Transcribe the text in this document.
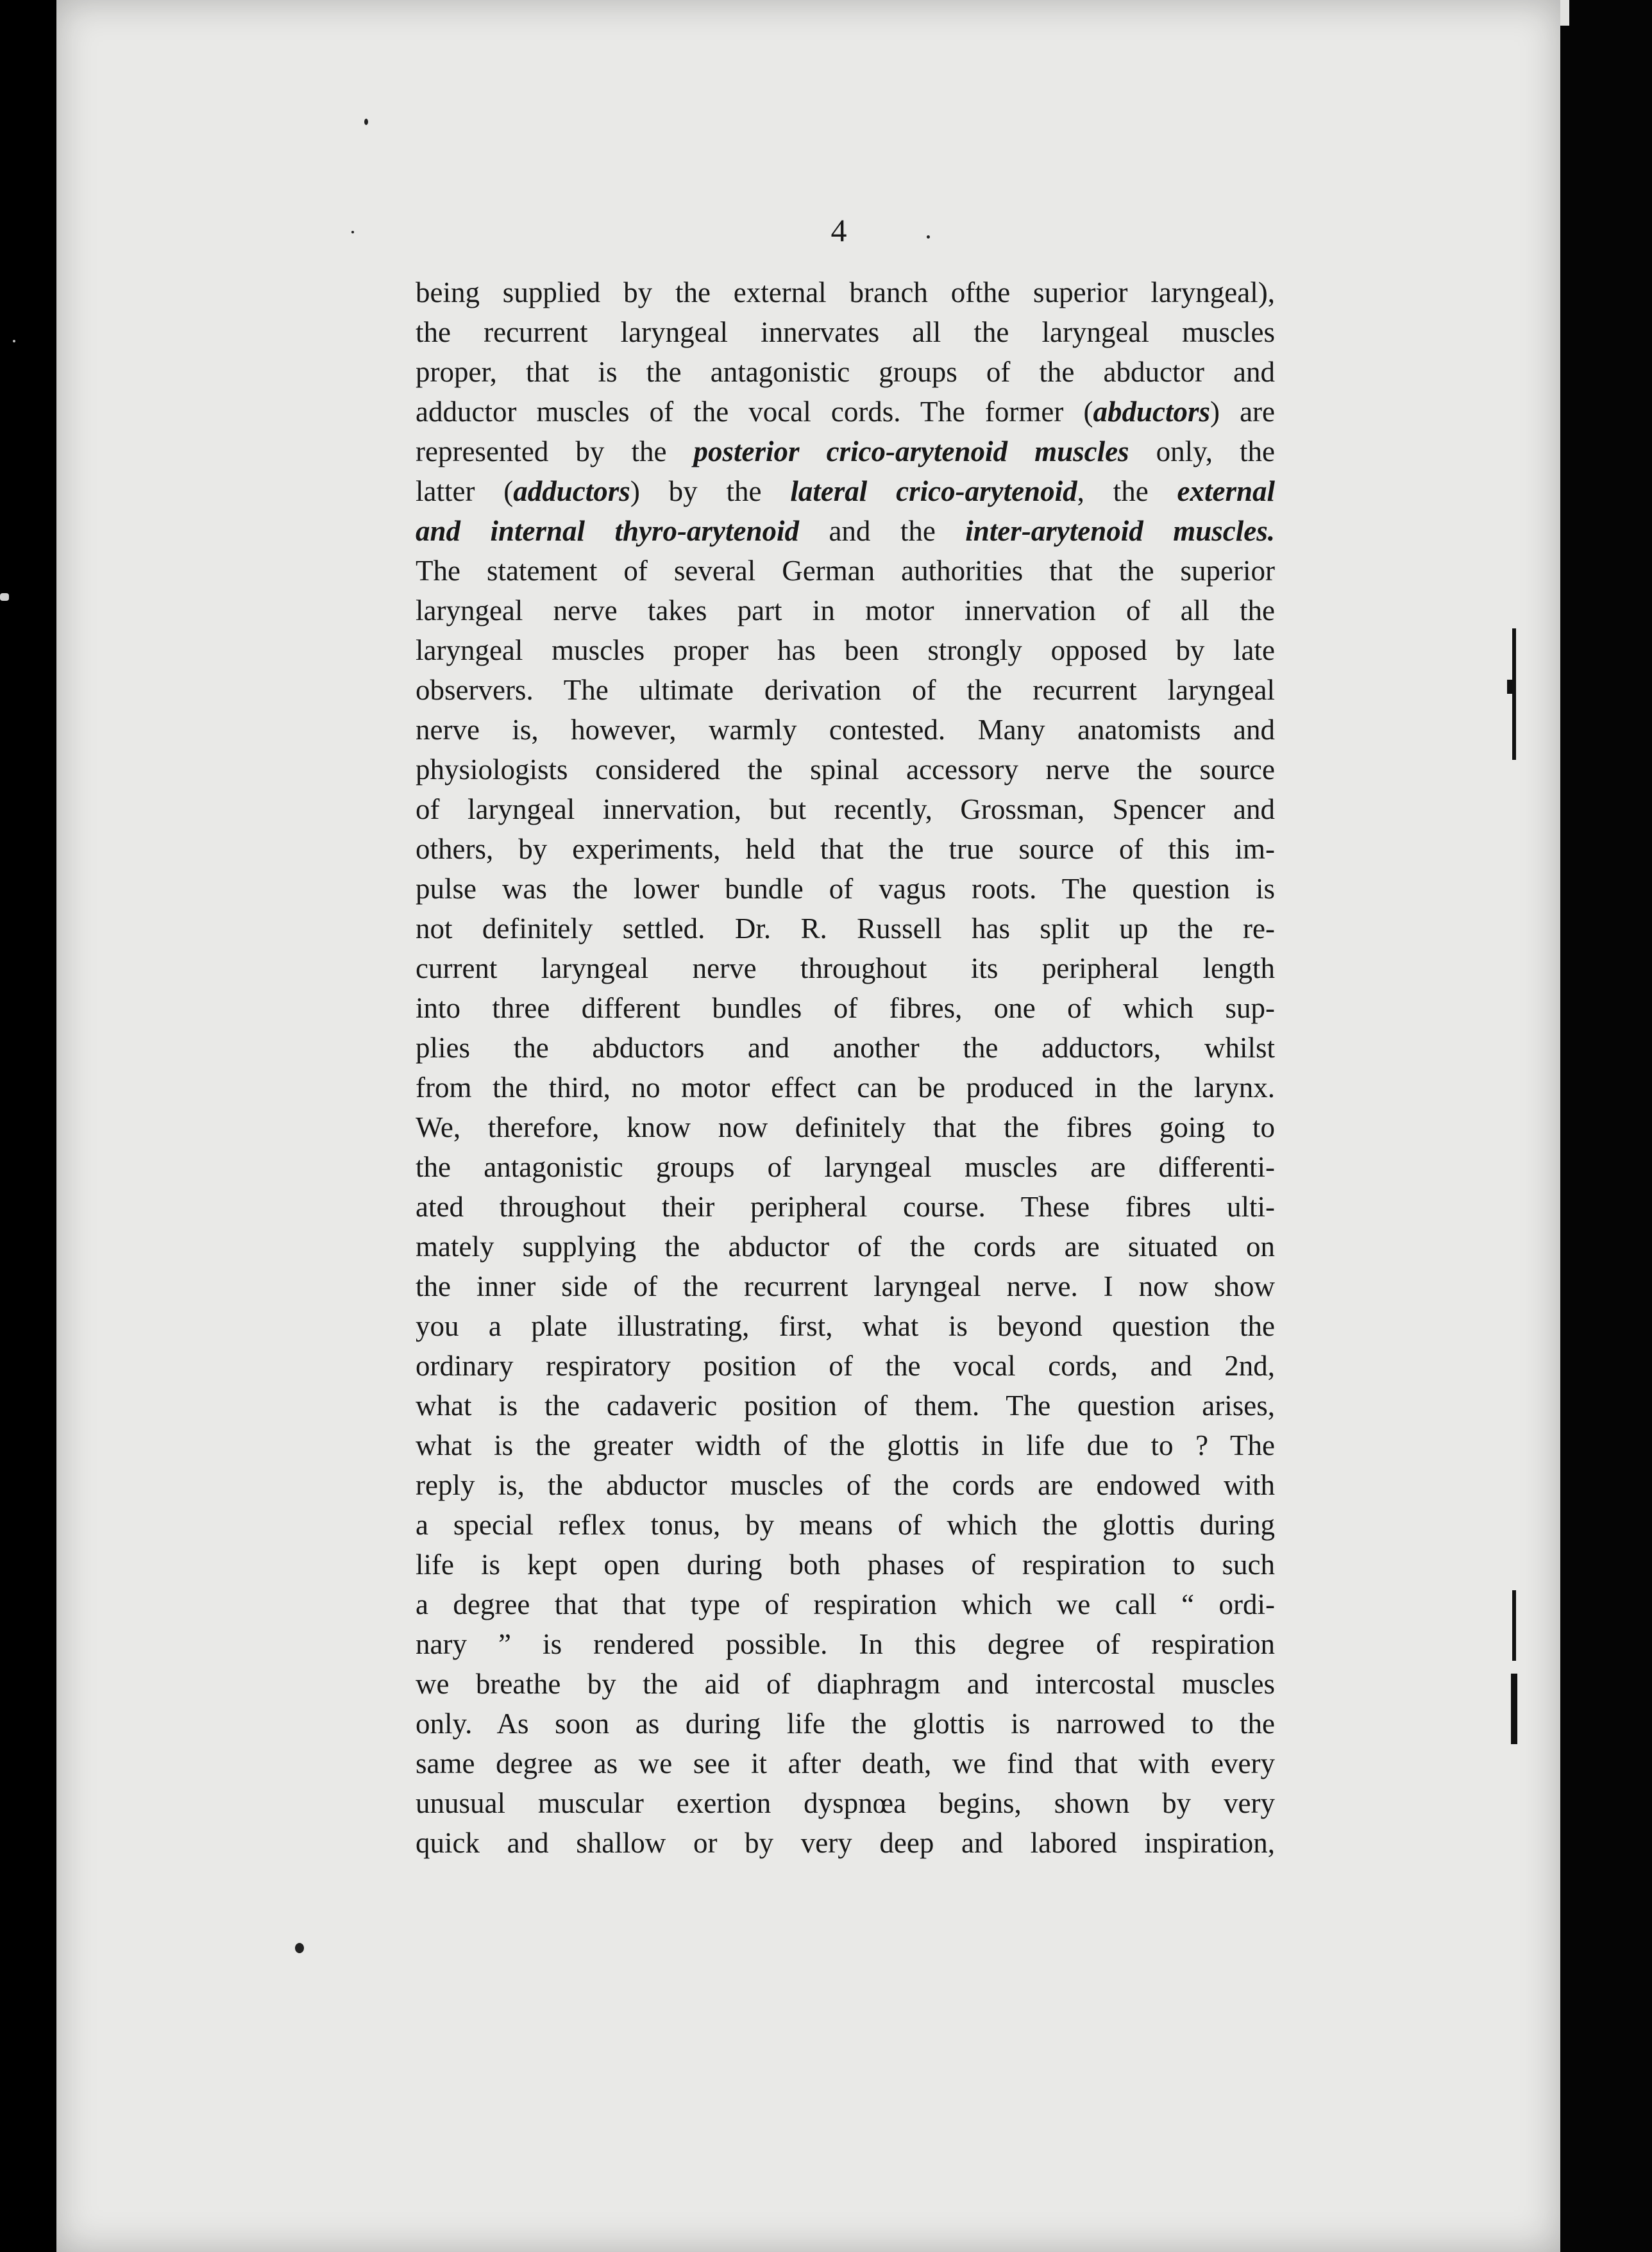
4
being supplied by the external branch ofthe superior laryngeal),
the recurrent laryngeal innervates all the laryngeal muscles
proper, that is the antagonistic groups of the abductor and
adductor muscles of the vocal cords. The former (abductors) are
represented by the posterior crico-arytenoid muscles only, the
latter (adductors) by the lateral crico-arytenoid, the external
and internal thyro-arytenoid and the inter-arytenoid muscles.
The statement of several German authorities that the superior
laryngeal nerve takes part in motor innervation of all the
laryngeal muscles proper has been strongly opposed by late
observers. The ultimate derivation of the recurrent laryngeal
nerve is, however, warmly contested. Many anatomists and
physiologists considered the spinal accessory nerve the source
of laryngeal innervation, but recently, Grossman, Spencer and
others, by experiments, held that the true source of this im-
pulse was the lower bundle of vagus roots. The question is
not definitely settled. Dr. R. Russell has split up the re-
current laryngeal nerve throughout its peripheral length
into three different bundles of fibres, one of which sup-
plies the abductors and another the adductors, whilst
from the third, no motor effect can be produced in the larynx.
We, therefore, know now definitely that the fibres going to
the antagonistic groups of laryngeal muscles are differenti-
ated throughout their peripheral course. These fibres ulti-
mately supplying the abductor of the cords are situated on
the inner side of the recurrent laryngeal nerve. I now show
you a plate illustrating, first, what is beyond question the
ordinary respiratory position of the vocal cords, and 2nd,
what is the cadaveric position of them. The question arises,
what is the greater width of the glottis in life due to ? The
reply is, the abductor muscles of the cords are endowed with
a special reflex tonus, by means of which the glottis during
life is kept open during both phases of respiration to such
a degree that that type of respiration which we call “ ordi-
nary ” is rendered possible. In this degree of respiration
we breathe by the aid of diaphragm and intercostal muscles
only. As soon as during life the glottis is narrowed to the
same degree as we see it after death, we find that with every
unusual muscular exertion dyspnœa begins, shown by very
quick and shallow or by very deep and labored inspiration,
